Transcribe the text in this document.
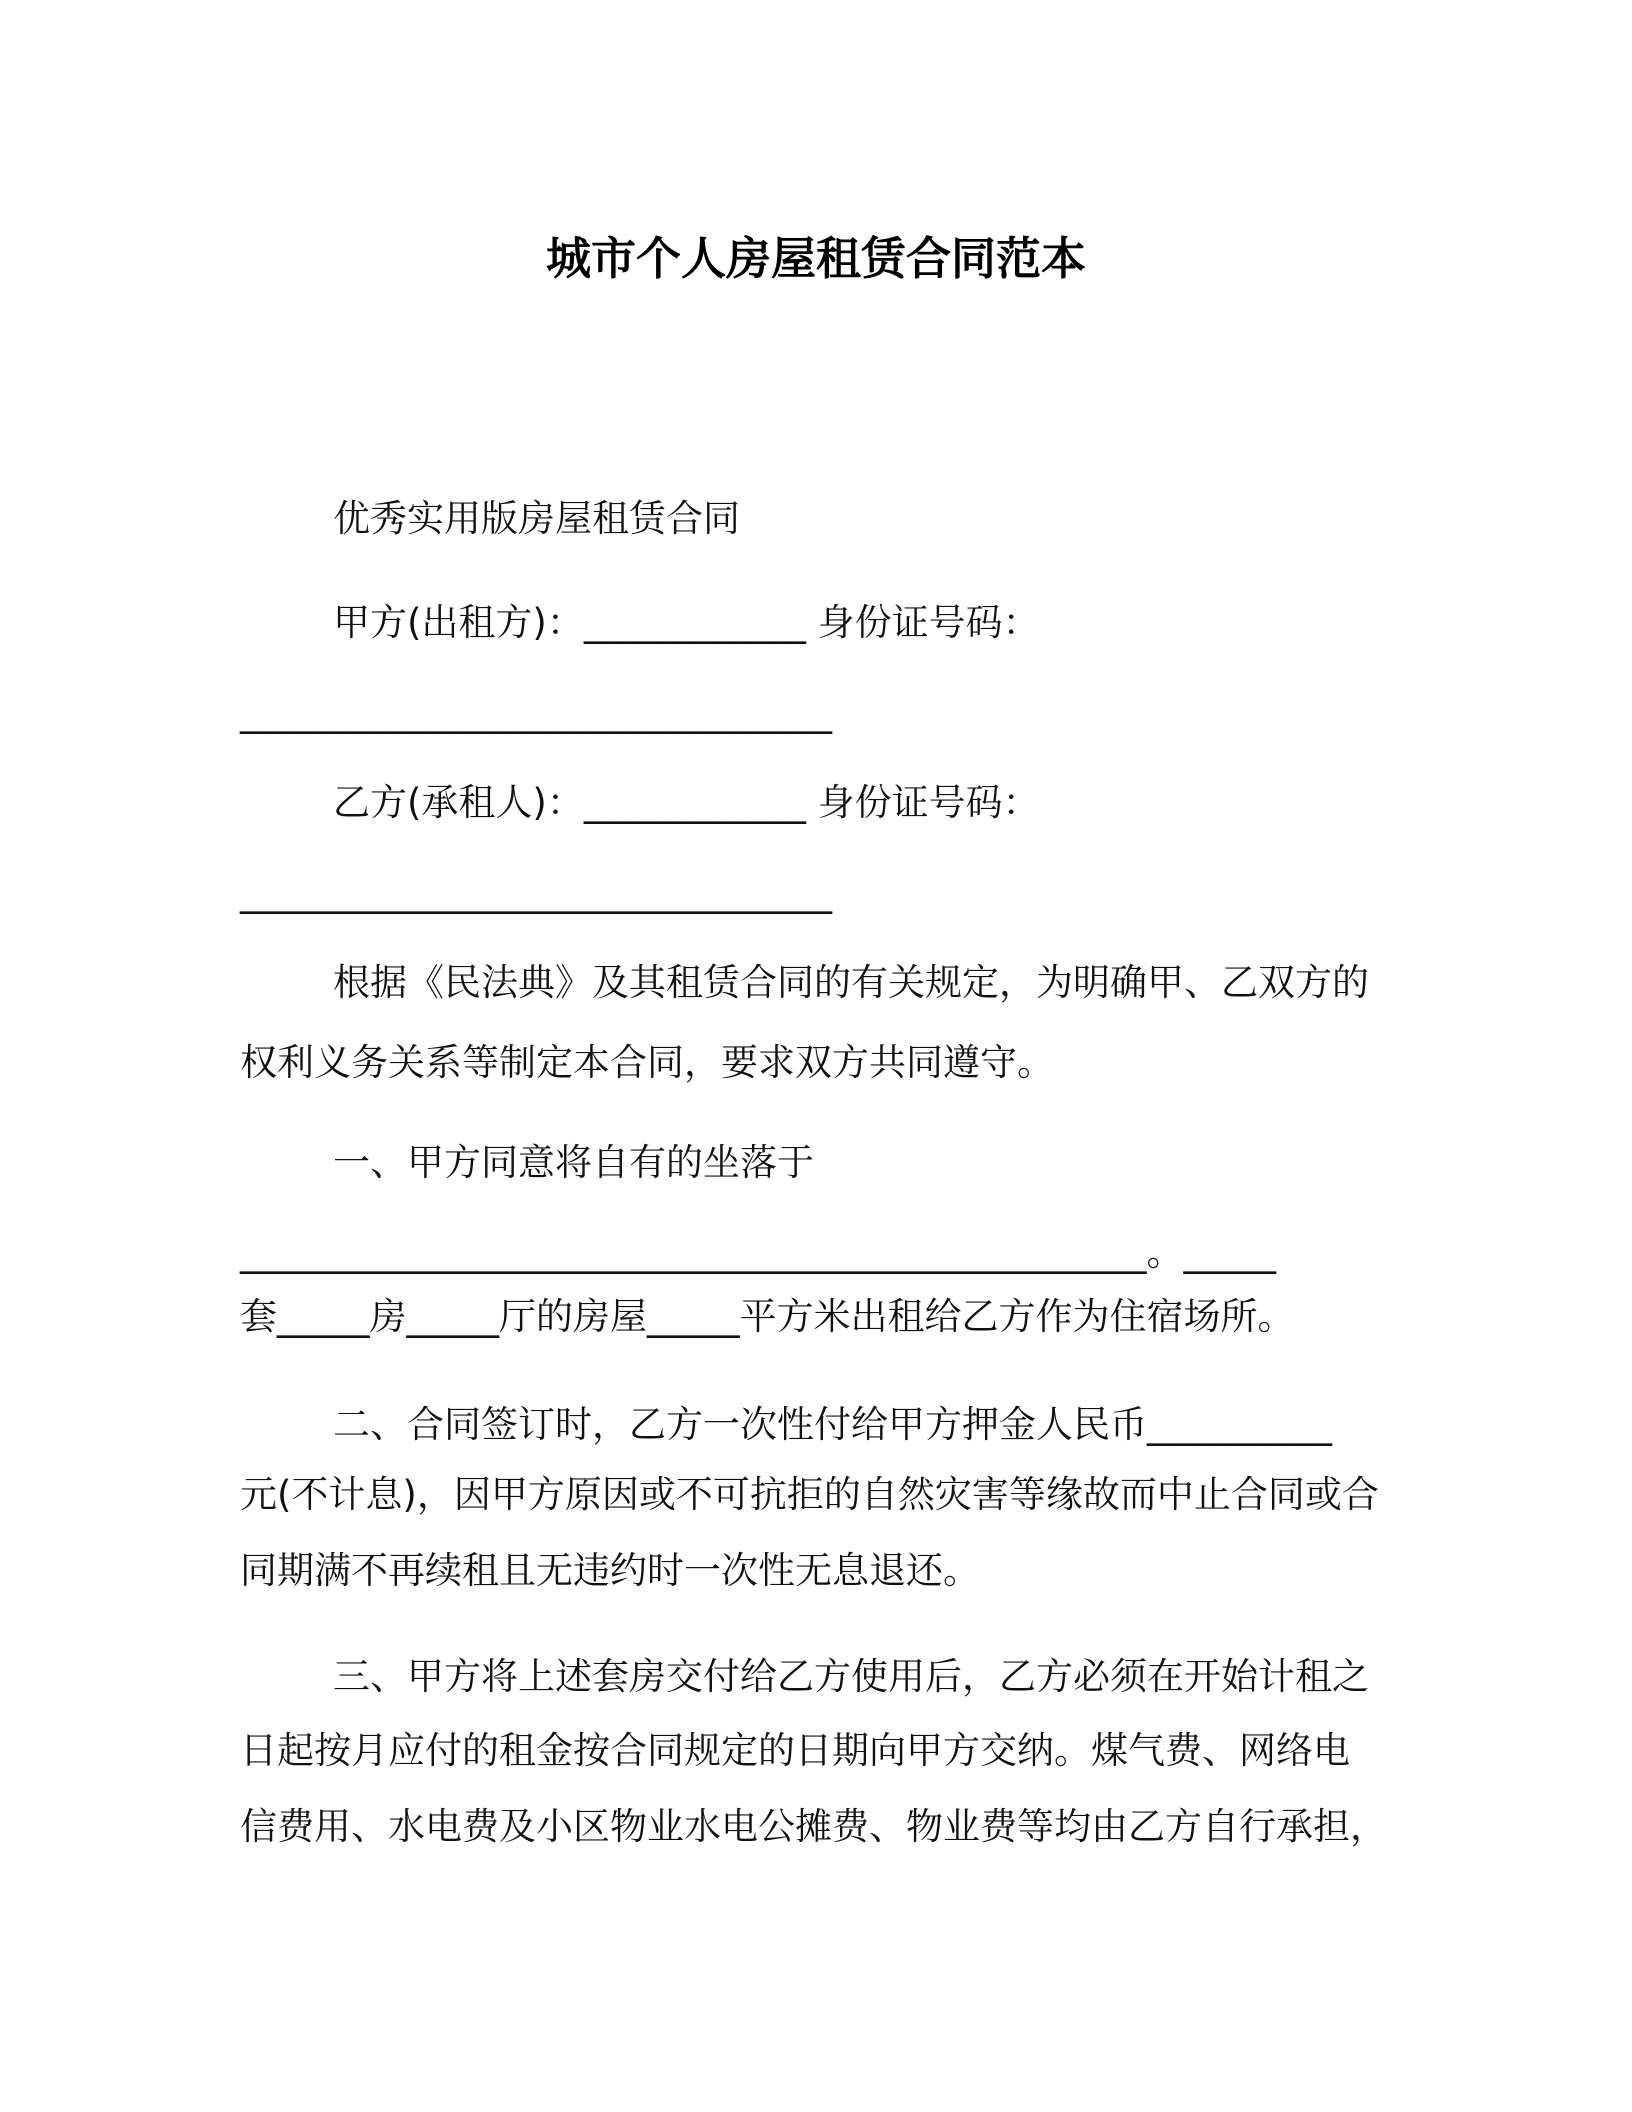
城市个人房屋租赁合同范本
优秀实用版房屋租赁合同
甲方(出租方)：____________ 身份证号码：
________________________________
乙方(承租人)：____________ 身份证号码：
________________________________
根据《民法典》及其租赁合同的有关规定，为明确甲、乙双方的
权利义务关系等制定本合同，要求双方共同遵守。
一、甲方同意将自有的坐落于
_________________________________________________。_____
套_____房_____厅的房屋_____平方米出租给乙方作为住宿场所。
二、合同签订时，乙方一次性付给甲方押金人民币__________
元(不计息)，因甲方原因或不可抗拒的自然灾害等缘故而中止合同或合
同期满不再续租且无违约时一次性无息退还。
三、甲方将上述套房交付给乙方使用后，乙方必须在开始计租之
日起按月应付的租金按合同规定的日期向甲方交纳。煤气费、网络电
信费用、水电费及小区物业水电公摊费、物业费等均由乙方自行承担，
